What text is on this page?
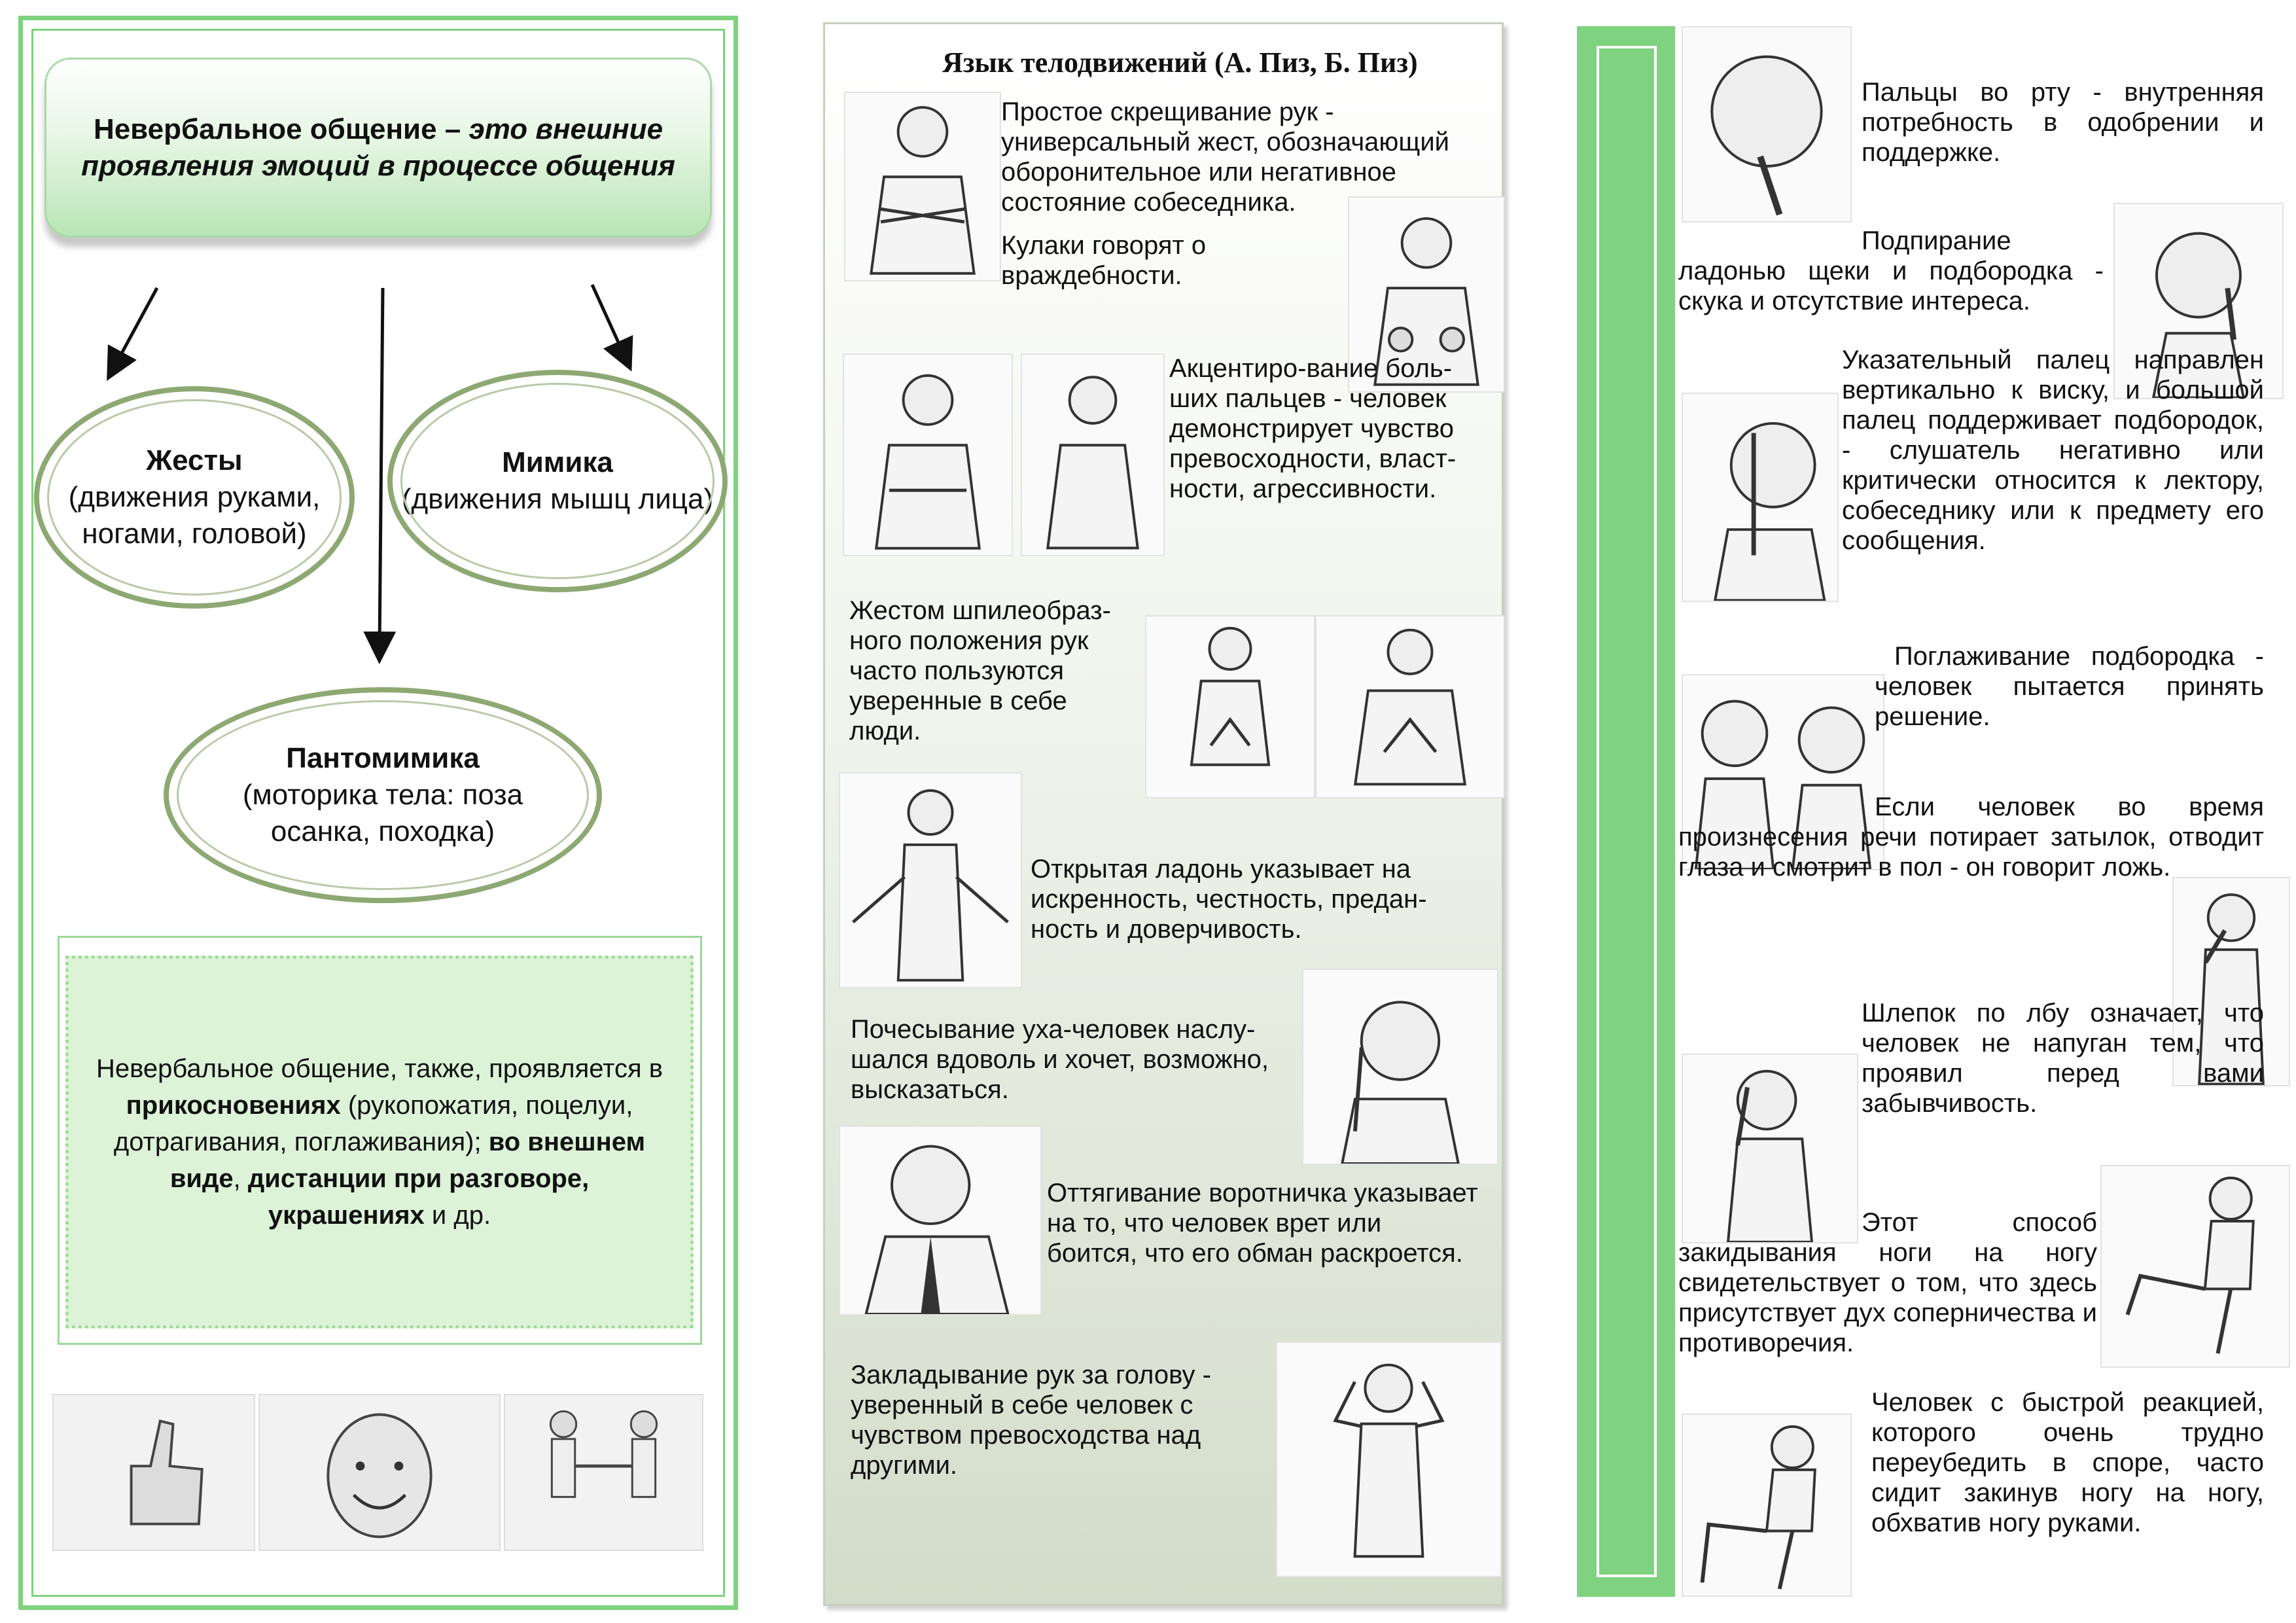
Невербальное общение – это внешние проявления эмоций в процессе общения
Жесты
(движения руками, ногами, головой)
Мимика
(движения мышц лица)
Пантомимика
(моторика тела: поза осанка, походка)
Невербальное общение, также, проявляется в прикосновениях (рукопожатия, поцелуи, дотрагивания, поглаживания); во внешнем виде, дистанции при разговоре, украшениях и др.
Язык телодвижений (А. Пиз, Б. Пиз)
Простое скрещивание рук - универсальный жест, обозначающий оборонительное или негативное состояние собеседника.
Кулаки говорят о враждебности.
Акцентиро-вание боль-ших пальцев - человек демонстрирует чувство превосходности, власт-ности, агрессивности.
Жестом шпилеобраз-ного положения рук часто пользуются уверенные в себе люди.
Открытая ладонь указывает на искренность, честность, предан-ность и доверчивость.
Почесывание уха-человек наслу-шался вдоволь и хочет, возможно, высказаться.
Оттягивание воротничка указывает на то, что человек врет или боится, что его обман раскроется.
Закладывание рук за голову - уверенный в себе человек с чувством превосходства над другими.
Пальцы во рту - внутренняя потребность в одобрении и поддержке.
Подпирание ладонью щеки и подбородка - скука и отсутствие интереса.
Указательный палец направлен вертикально к виску, и большой палец поддерживает подбородок, - слушатель негативно или критически относится к лектору, собеседнику или к предмету его сообщения.
Поглаживание подбородка - человек пытается принять решение.
Если человек во время произнесения речи потирает затылок, отводит глаза и смотрит в пол - он говорит ложь.
Шлепок по лбу означает, что человек не напуган тем, что проявил перед вами забывчивость.
Этот способ закидывания ноги на ногу свидетельствует о том, что здесь присутствует дух соперничества и противоречия.
Человек с быстрой реакцией, которого очень трудно переубедить в споре, часто сидит закинув ногу на ногу, обхватив ногу руками.
